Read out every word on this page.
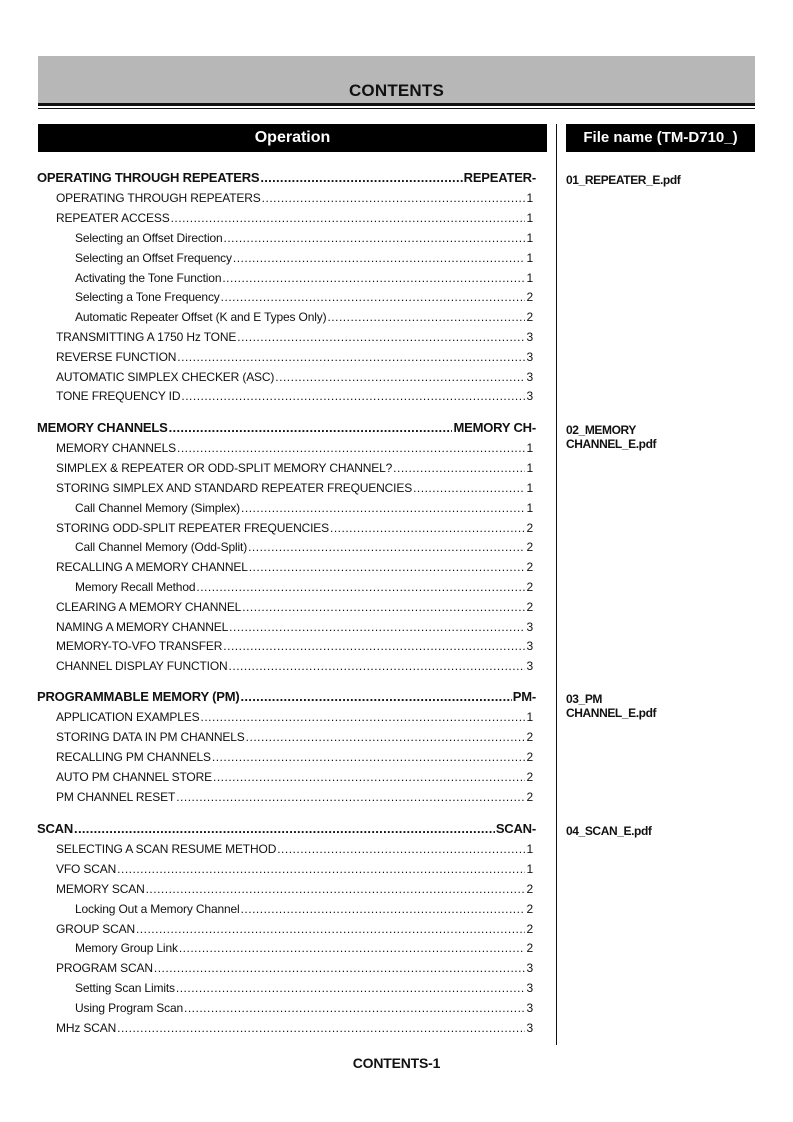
CONTENTS
Operation	File name (TM-D710_)
OPERATING THROUGH REPEATERS .....	REPEATER-	01_REPEATER_E.pdf
OPERATING THROUGH REPEATERS .....	1
REPEATER ACCESS .....	1
Selecting an Offset Direction .....	1
Selecting an Offset Frequency .....	1
Activating the Tone Function .....	1
Selecting a Tone Frequency .....	2
Automatic Repeater Offset (K and E Types Only) .....	2
TRANSMITTING A 1750 Hz TONE .....	3
REVERSE FUNCTION .....	3
AUTOMATIC SIMPLEX CHECKER (ASC) .....	3
TONE FREQUENCY ID .....	3
MEMORY CHANNELS .....	MEMORY CH-	02_MEMORY CHANNEL_E.pdf
MEMORY CHANNELS .....	1
SIMPLEX & REPEATER OR ODD-SPLIT MEMORY CHANNEL? .....	1
STORING SIMPLEX AND STANDARD REPEATER FREQUENCIES .....	1
Call Channel Memory (Simplex) .....	1
STORING ODD-SPLIT REPEATER FREQUENCIES .....	2
Call Channel Memory (Odd-Split) .....	2
RECALLING A MEMORY CHANNEL .....	2
Memory Recall Method .....	2
CLEARING A MEMORY CHANNEL .....	2
NAMING A MEMORY CHANNEL .....	3
MEMORY-TO-VFO TRANSFER .....	3
CHANNEL DISPLAY FUNCTION .....	3
PROGRAMMABLE MEMORY (PM) .....	PM-	03_PM CHANNEL_E.pdf
APPLICATION EXAMPLES .....	1
STORING DATA IN PM CHANNELS .....	2
RECALLING PM CHANNELS .....	2
AUTO PM CHANNEL STORE .....	2
PM CHANNEL RESET .....	2
SCAN .....	SCAN-	04_SCAN_E.pdf
SELECTING A SCAN RESUME METHOD .....	1
VFO SCAN .....	1
MEMORY SCAN .....	2
Locking Out a Memory Channel .....	2
GROUP SCAN .....	2
Memory Group Link .....	2
PROGRAM SCAN .....	3
Setting Scan Limits .....	3
Using Program Scan .....	3
MHz SCAN .....	3
CONTENTS-1
